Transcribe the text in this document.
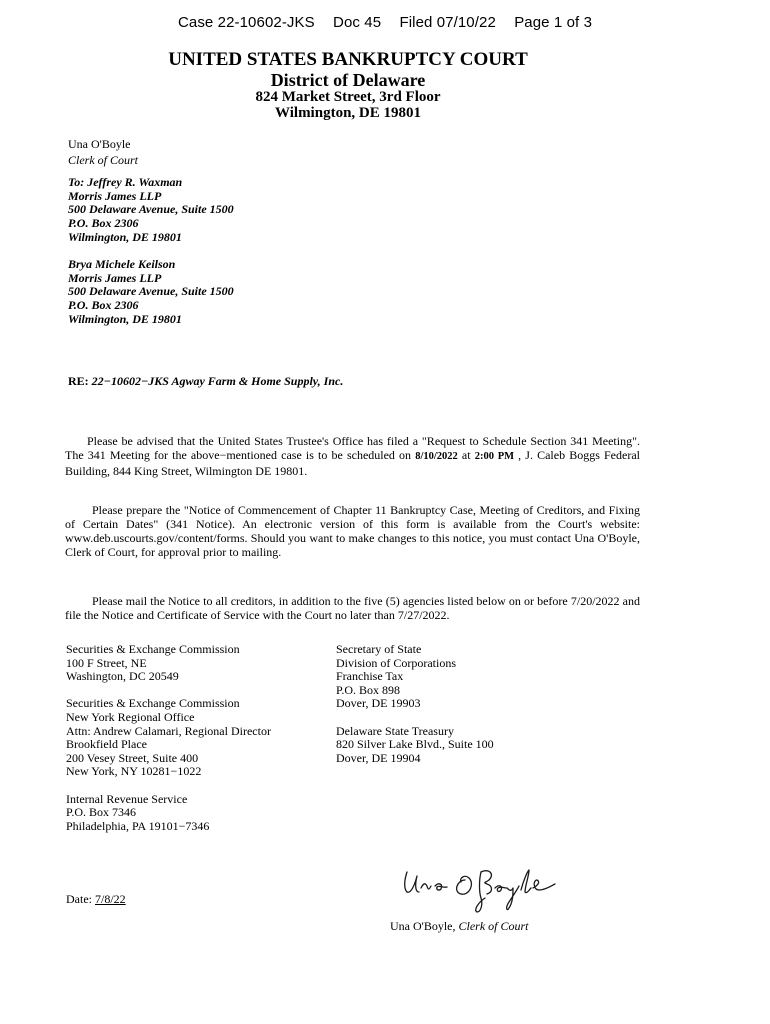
Case 22-10602-JKS Doc 45 Filed 07/10/22 Page 1 of 3
UNITED STATES BANKRUPTCY COURT
District of Delaware
824 Market Street, 3rd Floor
Wilmington, DE 19801
Una O'Boyle
Clerk of Court
To: Jeffrey R. Waxman
Morris James LLP
500 Delaware Avenue, Suite 1500
P.O. Box 2306
Wilmington, DE 19801
Brya Michele Keilson
Morris James LLP
500 Delaware Avenue, Suite 1500
P.O. Box 2306
Wilmington, DE 19801
RE: 22−10602−JKS Agway Farm & Home Supply, Inc.
Please be advised that the United States Trustee's Office has filed a "Request to Schedule Section 341 Meeting". The 341 Meeting for the above−mentioned case is to be scheduled on 8/10/2022 at 2:00 PM , J. Caleb Boggs Federal Building, 844 King Street, Wilmington DE 19801.
Please prepare the "Notice of Commencement of Chapter 11 Bankruptcy Case, Meeting of Creditors, and Fixing of Certain Dates" (341 Notice). An electronic version of this form is available from the Court's website: www.deb.uscourts.gov/content/forms. Should you want to make changes to this notice, you must contact Una O'Boyle, Clerk of Court, for approval prior to mailing.
Please mail the Notice to all creditors, in addition to the five (5) agencies listed below on or before 7/20/2022 and file the Notice and Certificate of Service with the Court no later than 7/27/2022.
Securities & Exchange Commission
100 F Street, NE
Washington, DC 20549
Securities & Exchange Commission
New York Regional Office
Attn: Andrew Calamari, Regional Director
Brookfield Place
200 Vesey Street, Suite 400
New York, NY 10281−1022
Internal Revenue Service
P.O. Box 7346
Philadelphia, PA 19101−7346
Secretary of State
Division of Corporations
Franchise Tax
P.O. Box 898
Dover, DE 19903
Delaware State Treasury
820 Silver Lake Blvd., Suite 100
Dover, DE 19904
Date: 7/8/22
Una O'Boyle, Clerk of Court
